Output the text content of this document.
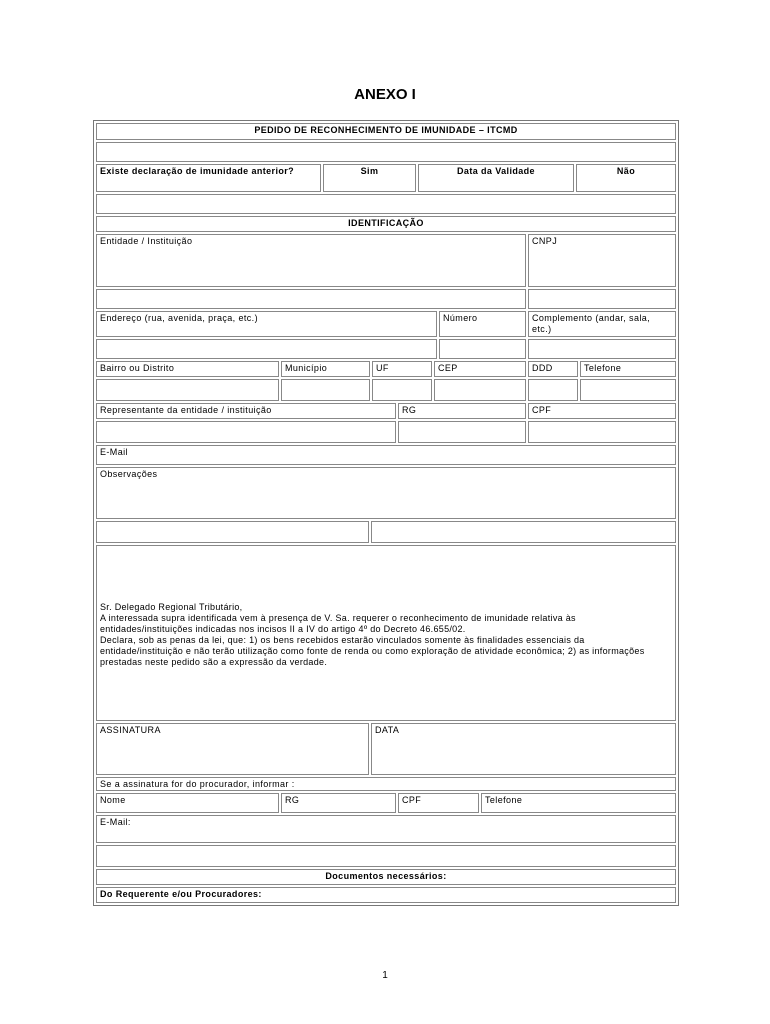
ANEXO I
PEDIDO DE RECONHECIMENTO DE IMUNIDADE – ITCMD
Existe declaração de imunidade anterior?	Sim	Data da Validade	Não
IDENTIFICAÇÃO
Entidade / Instituição	CNPJ
Endereço (rua, avenida, praça, etc.)	Número	Complemento (andar, sala, etc.)
Bairro ou Distrito	Município	UF	CEP	DDD	Telefone
Representante da entidade / instituição	RG	CPF
E-Mail
Observações
Sr. Delegado Regional Tributário,
A interessada supra identificada vem à presença de V. Sa. requerer o reconhecimento de imunidade relativa às entidades/instituições indicadas nos incisos II a IV do artigo 4º do Decreto 46.655/02.
Declara, sob as penas da lei, que: 1) os bens recebidos estarão vinculados somente às finalidades essenciais da entidade/instituição e não terão utilização como fonte de renda ou como exploração de atividade econômica; 2) as informações prestadas neste pedido são a expressão da verdade.
ASSINATURA	DATA
Se a assinatura for do procurador, informar :
Nome	RG	CPF	Telefone
E-Mail:
Documentos necessários:
Do Requerente e/ou Procuradores:
1
